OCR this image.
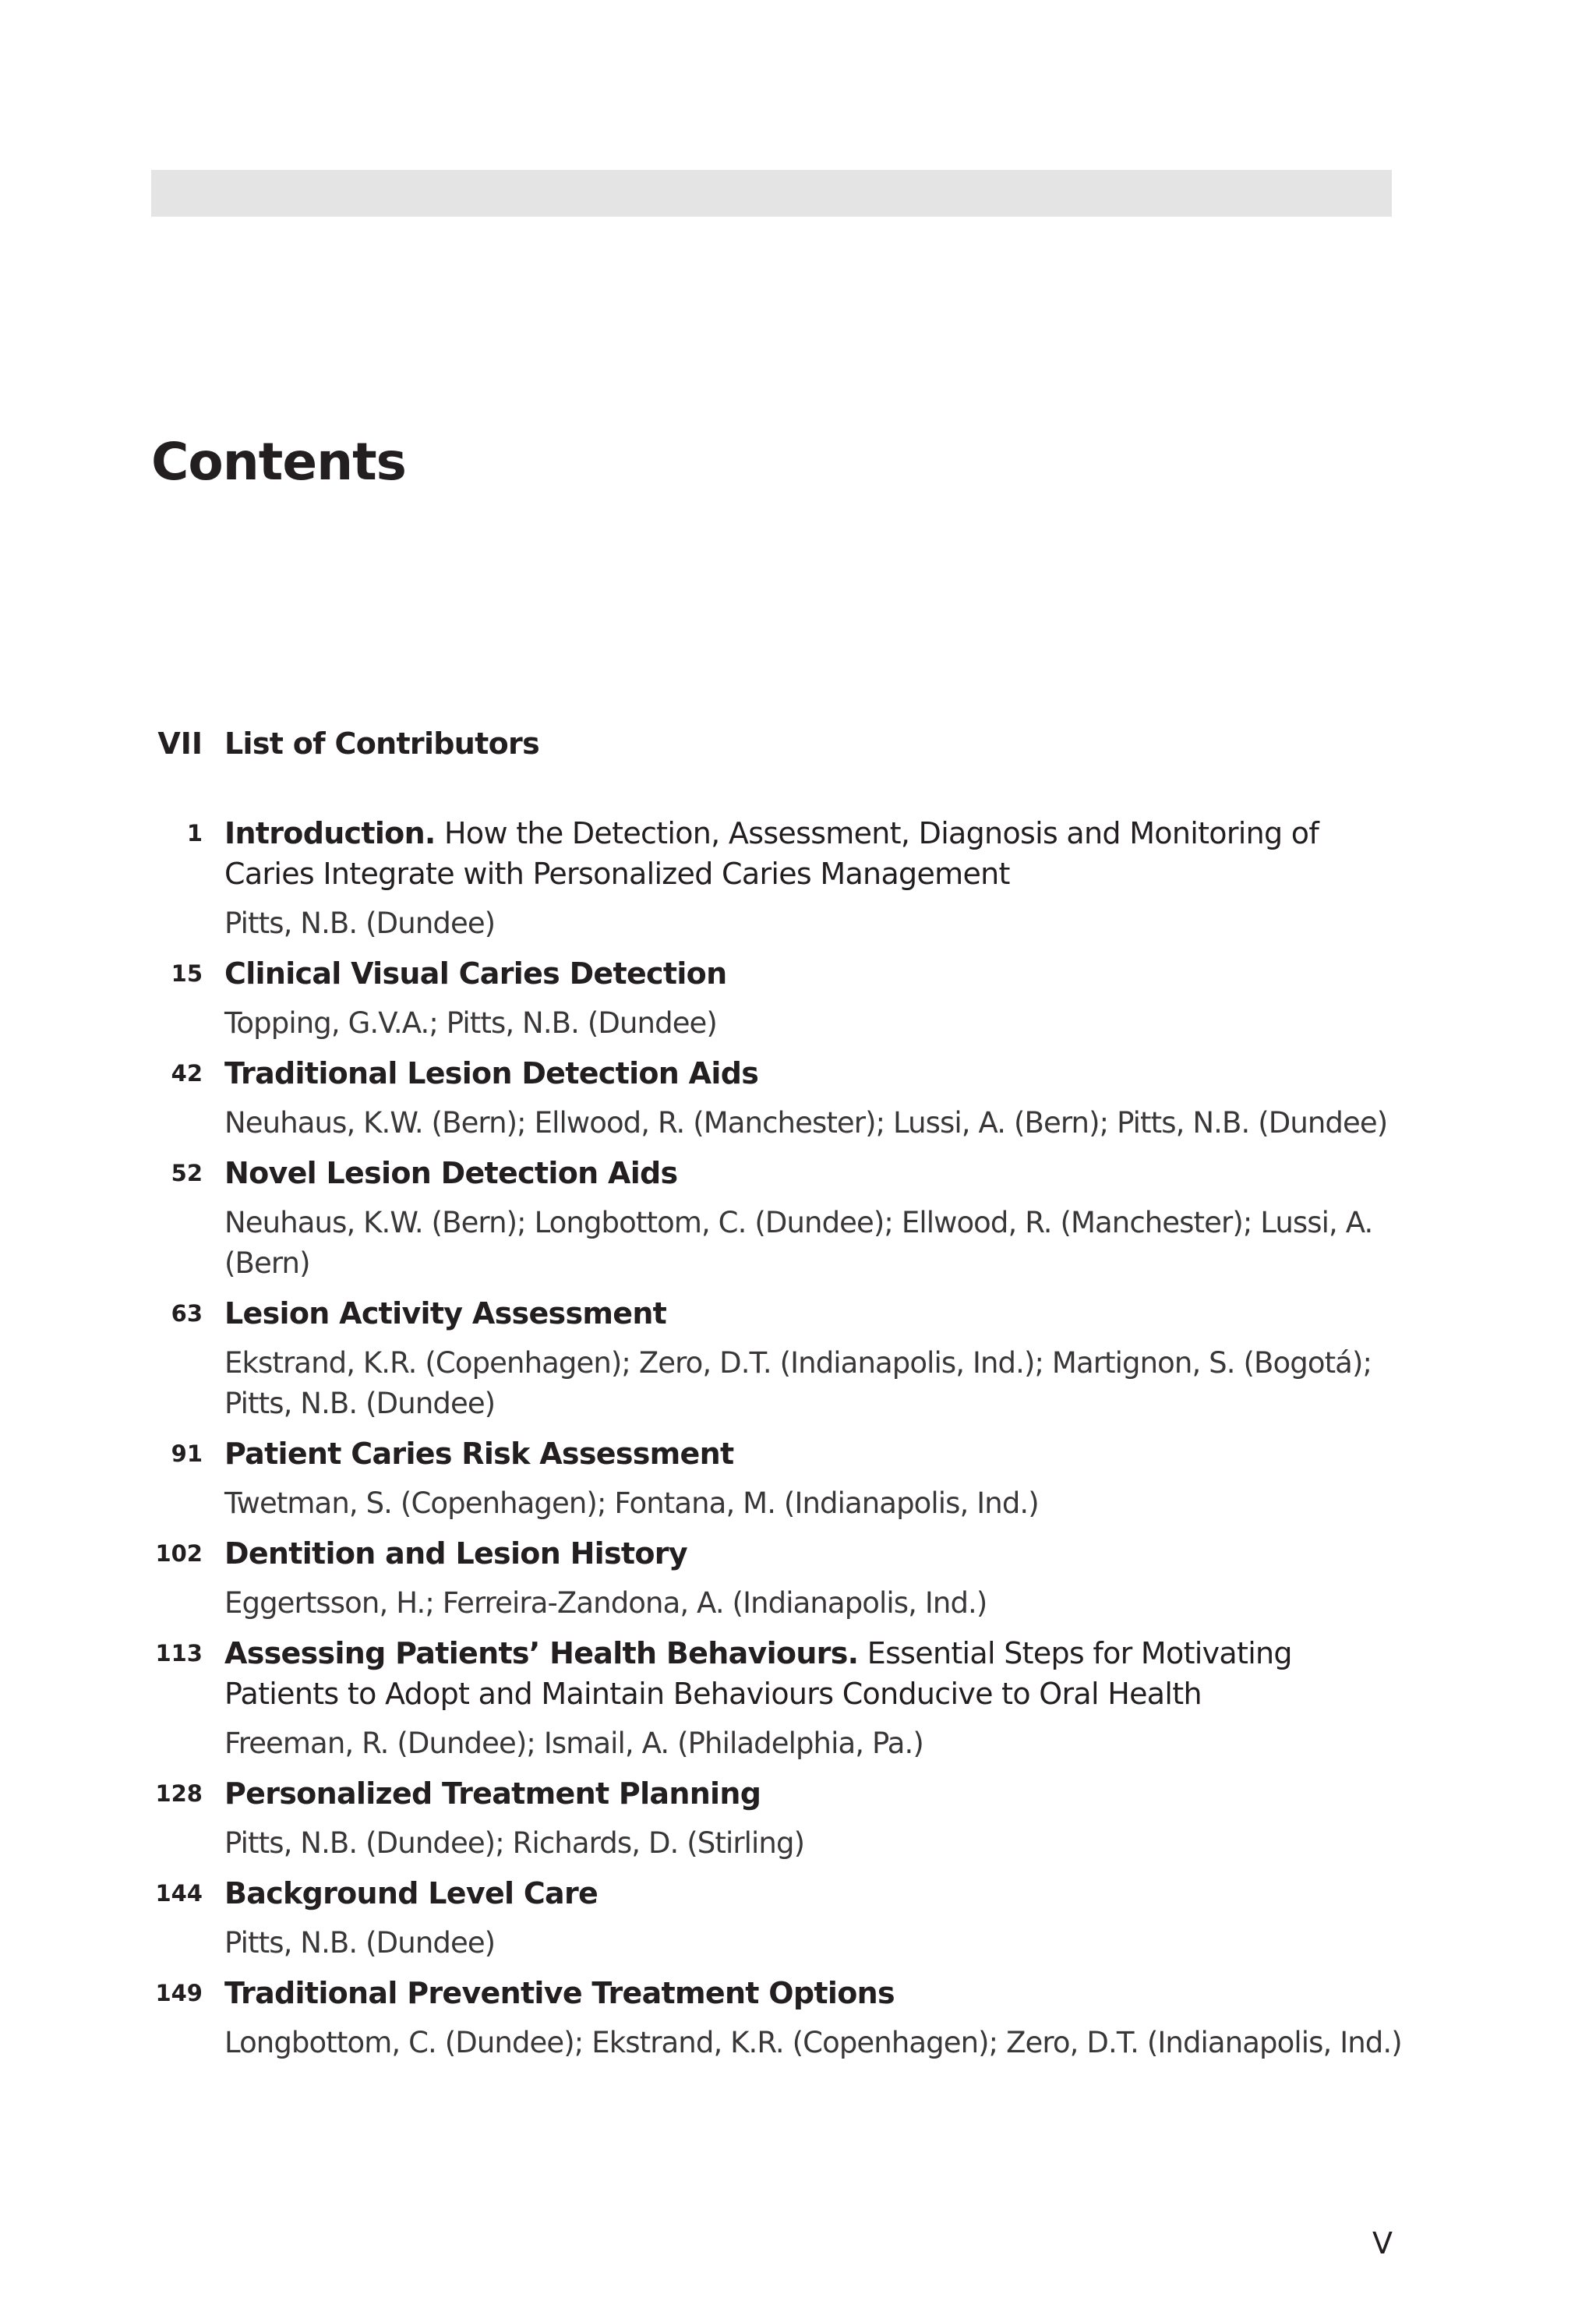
Contents
VII List of Contributors
1 Introduction. How the Detection, Assessment, Diagnosis and Monitoring of Caries Integrate with Personalized Caries Management
Pitts, N.B. (Dundee)
15 Clinical Visual Caries Detection
Topping, G.V.A.; Pitts, N.B. (Dundee)
42 Traditional Lesion Detection Aids
Neuhaus, K.W. (Bern); Ellwood, R. (Manchester); Lussi, A. (Bern); Pitts, N.B. (Dundee)
52 Novel Lesion Detection Aids
Neuhaus, K.W. (Bern); Longbottom, C. (Dundee); Ellwood, R. (Manchester); Lussi, A. (Bern)
63 Lesion Activity Assessment
Ekstrand, K.R. (Copenhagen); Zero, D.T. (Indianapolis, Ind.); Martignon, S. (Bogotá); Pitts, N.B. (Dundee)
91 Patient Caries Risk Assessment
Twetman, S. (Copenhagen); Fontana, M. (Indianapolis, Ind.)
102 Dentition and Lesion History
Eggertsson, H.; Ferreira-Zandona, A. (Indianapolis, Ind.)
113 Assessing Patients’ Health Behaviours. Essential Steps for Motivating Patients to Adopt and Maintain Behaviours Conducive to Oral Health
Freeman, R. (Dundee); Ismail, A. (Philadelphia, Pa.)
128 Personalized Treatment Planning
Pitts, N.B. (Dundee); Richards, D. (Stirling)
144 Background Level Care
Pitts, N.B. (Dundee)
149 Traditional Preventive Treatment Options
Longbottom, C. (Dundee); Ekstrand, K.R. (Copenhagen); Zero, D.T. (Indianapolis, Ind.)
V
